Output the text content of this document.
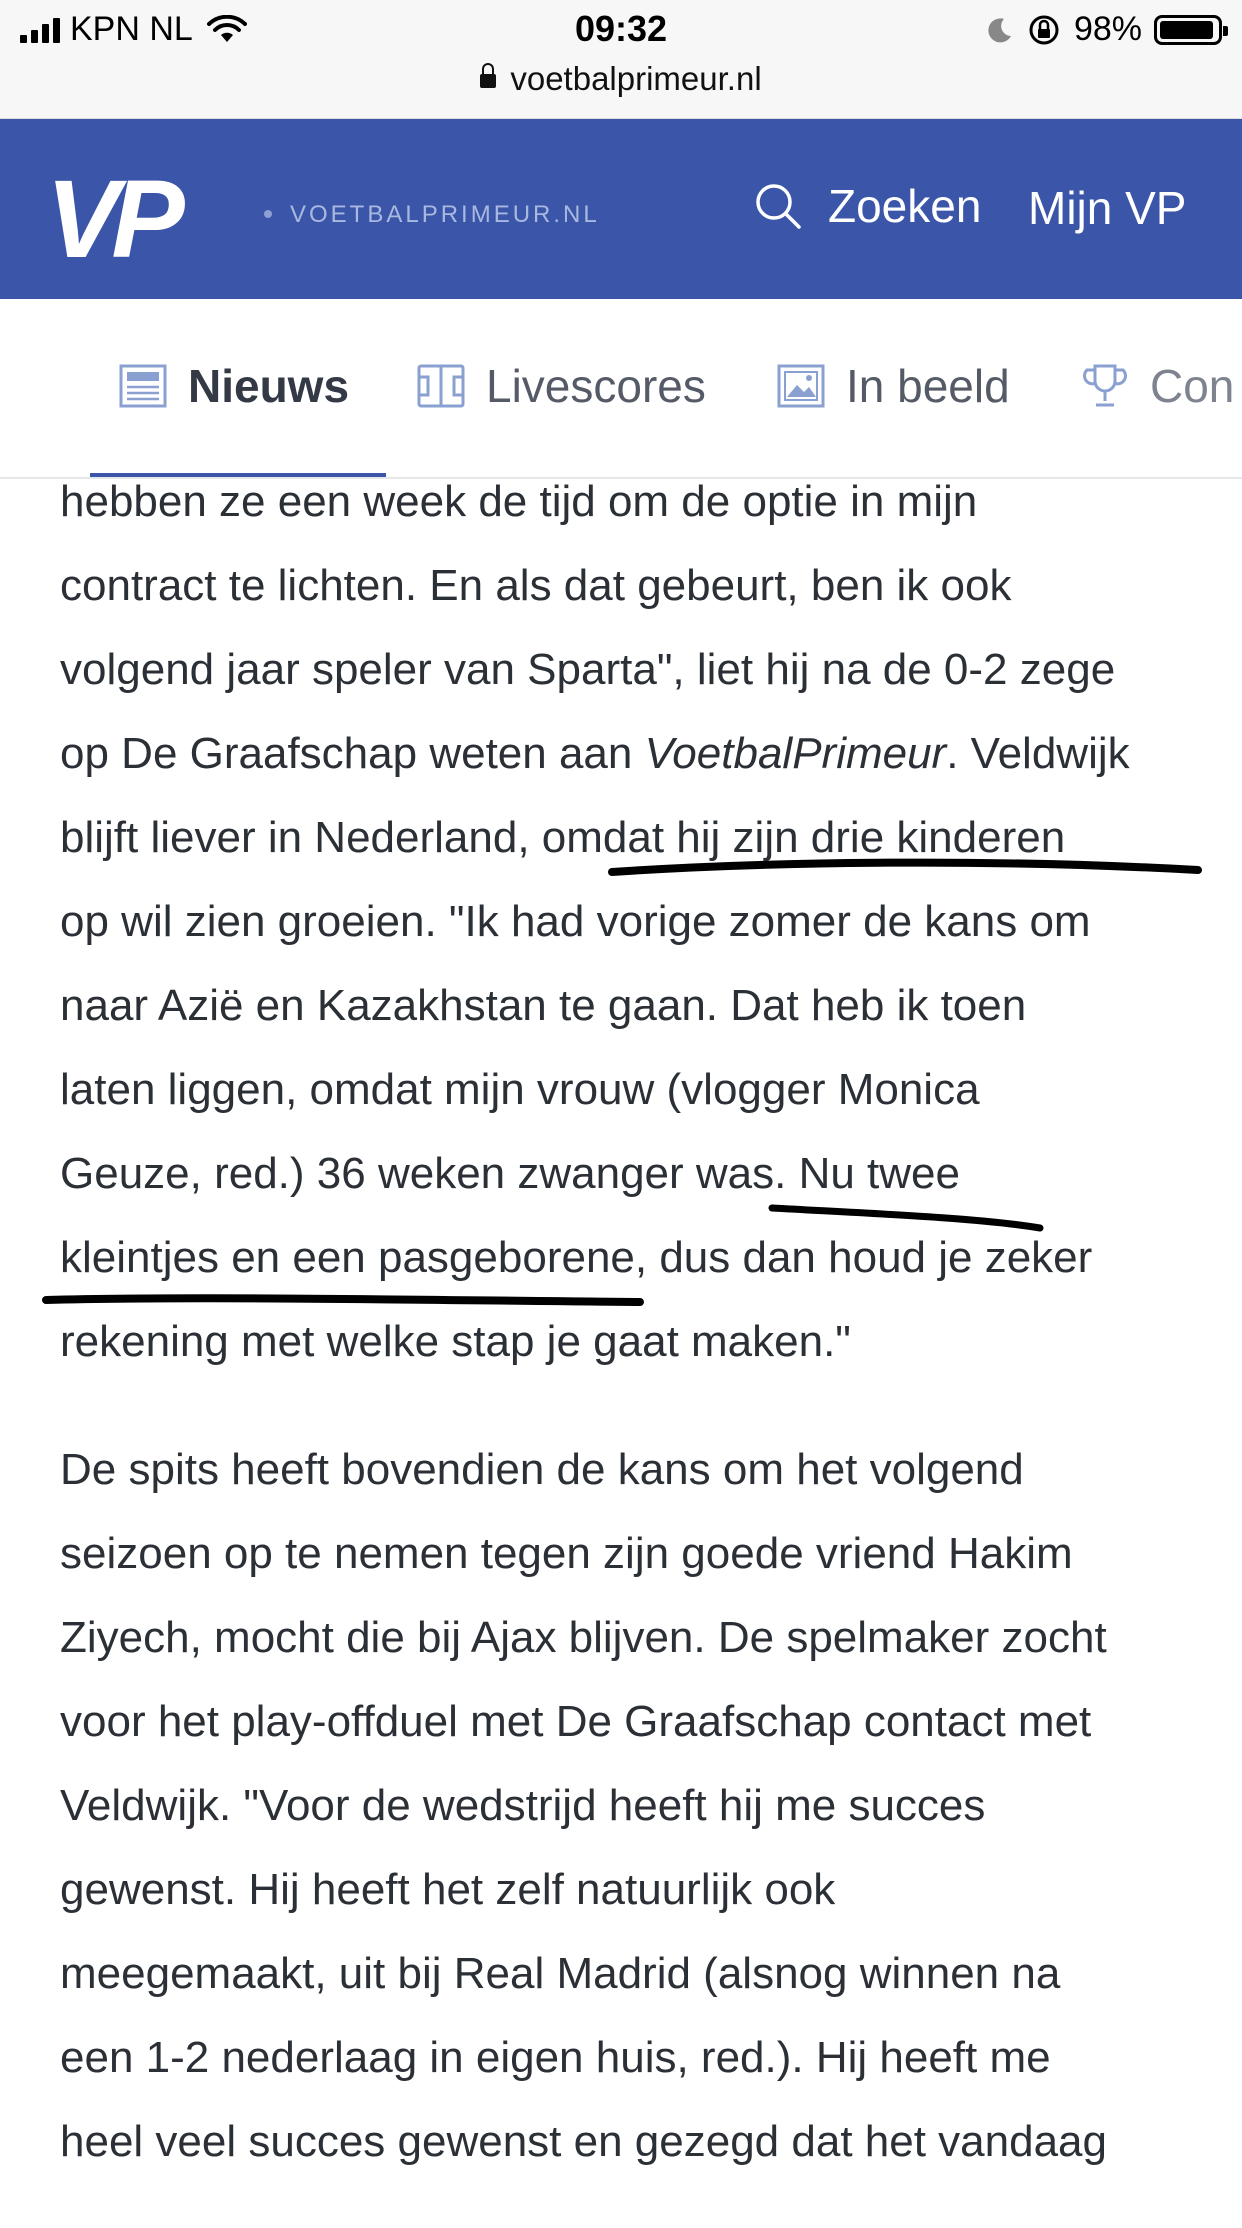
KPN NL	09:32	98%
voetbalprimeur.nl
VP	VOETBALPRIMEUR.NL	Zoeken Mijn VP
Nieuws	Livescores	In beeld	Con

hebben ze een week de tijd om de optie in mijn
contract te lichten. En als dat gebeurt, ben ik ook
volgend jaar speler van Sparta", liet hij na de 0-2 zege
op De Graafschap weten aan VoetbalPrimeur. Veldwijk
blijft liever in Nederland, omdat hij zijn drie kinderen
op wil zien groeien. "Ik had vorige zomer de kans om
naar Azië en Kazakhstan te gaan. Dat heb ik toen
laten liggen, omdat mijn vrouw (vlogger Monica
Geuze, red.) 36 weken zwanger was. Nu twee
kleintjes en een pasgeborene, dus dan houd je zeker
rekening met welke stap je gaat maken."

De spits heeft bovendien de kans om het volgend
seizoen op te nemen tegen zijn goede vriend Hakim
Ziyech, mocht die bij Ajax blijven. De spelmaker zocht
voor het play-offduel met De Graafschap contact met
Veldwijk. "Voor de wedstrijd heeft hij me succes
gewenst. Hij heeft het zelf natuurlijk ook
meegemaakt, uit bij Real Madrid (alsnog winnen na
een 1-2 nederlaag in eigen huis, red.). Hij heeft me
heel veel succes gewenst en gezegd dat het vandaag
